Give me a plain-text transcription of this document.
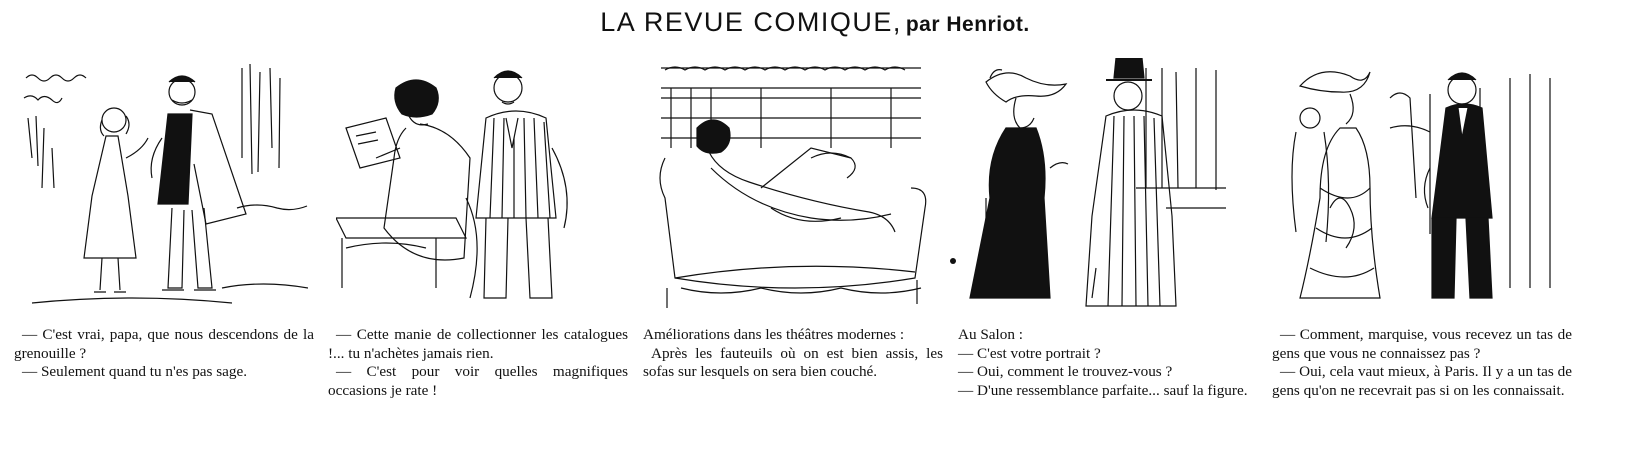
LA REVUE COMIQUE, par Henriot.

— C'est vrai, papa, que nous descendons de la grenouille ?

— Seulement quand tu n'es pas sage.

— Cette manie de collectionner les catalogues !... tu n'achètes jamais rien.

— C'est pour voir quelles magnifiques occasions je rate !

Améliorations dans les théâtres modernes :

Après les fauteuils où on est bien assis, les sofas sur lesquels on sera bien couché.

Au Salon :

— C'est votre portrait ?

— Oui, comment le trouvez-vous ?

— D'une ressemblance parfaite... sauf la figure.

— Comment, marquise, vous recevez un tas de gens que vous ne connaissez pas ?

— Oui, cela vaut mieux, à Paris. Il y a un tas de gens qu'on ne recevrait pas si on les connaissait.
